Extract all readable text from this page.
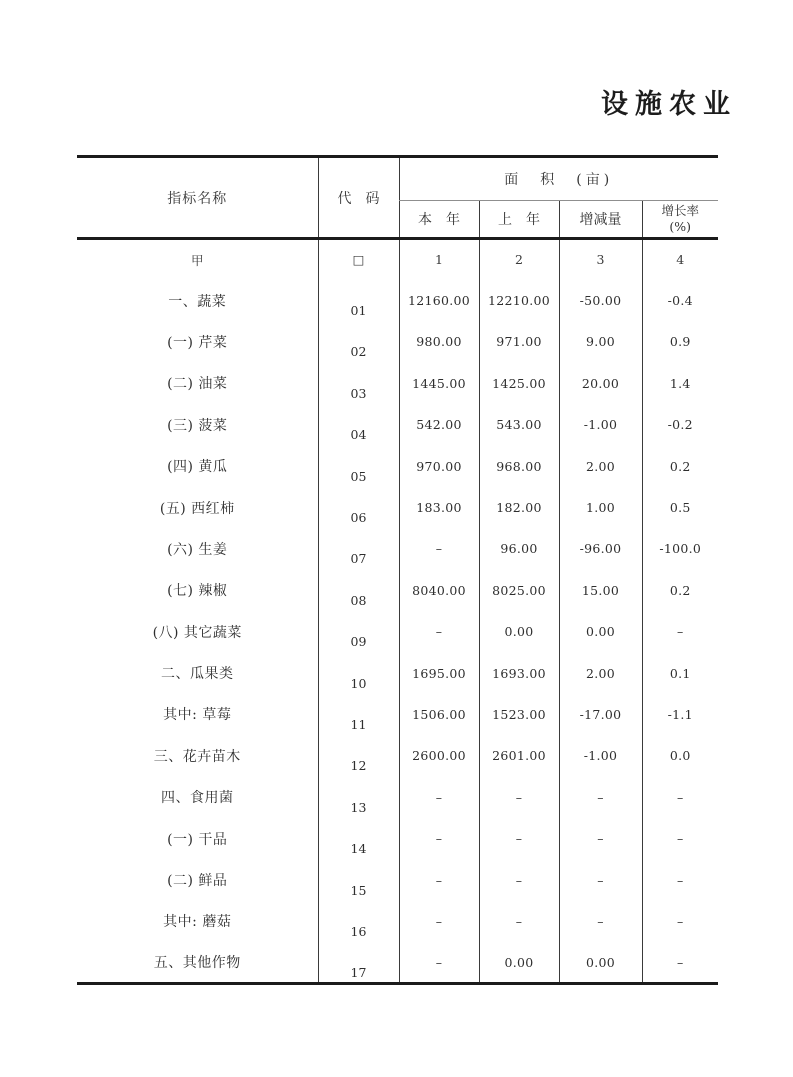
设施农业
指标名称	代　码	面　积　(亩)			
		本　年	上　年	增减量	增长率
(%)

甲	□	1	2	3	4
一、蔬菜	01	12160.00	12210.00	-50.00	-0.4
(一) 芹菜	02	980.00	971.00	9.00	0.9
(二) 油菜	03	1445.00	1425.00	20.00	1.4
(三) 菠菜	04	542.00	543.00	-1.00	-0.2
(四) 黄瓜	05	970.00	968.00	2.00	0.2
(五) 西红柿	06	183.00	182.00	1.00	0.5
(六) 生姜	07	–	96.00	-96.00	-100.0
(七) 辣椒	08	8040.00	8025.00	15.00	0.2
(八) 其它蔬菜	09	–	0.00	0.00	–
二、瓜果类	10	1695.00	1693.00	2.00	0.1
其中: 草莓	11	1506.00	1523.00	-17.00	-1.1
三、花卉苗木	12	2600.00	2601.00	-1.00	0.0
四、食用菌	13	–	–	–	–
(一) 干品	14	–	–	–	–
(二) 鲜品	15	–	–	–	–
其中: 蘑菇	16	–	–	–	–
五、其他作物	17	–	0.00	0.00	–
